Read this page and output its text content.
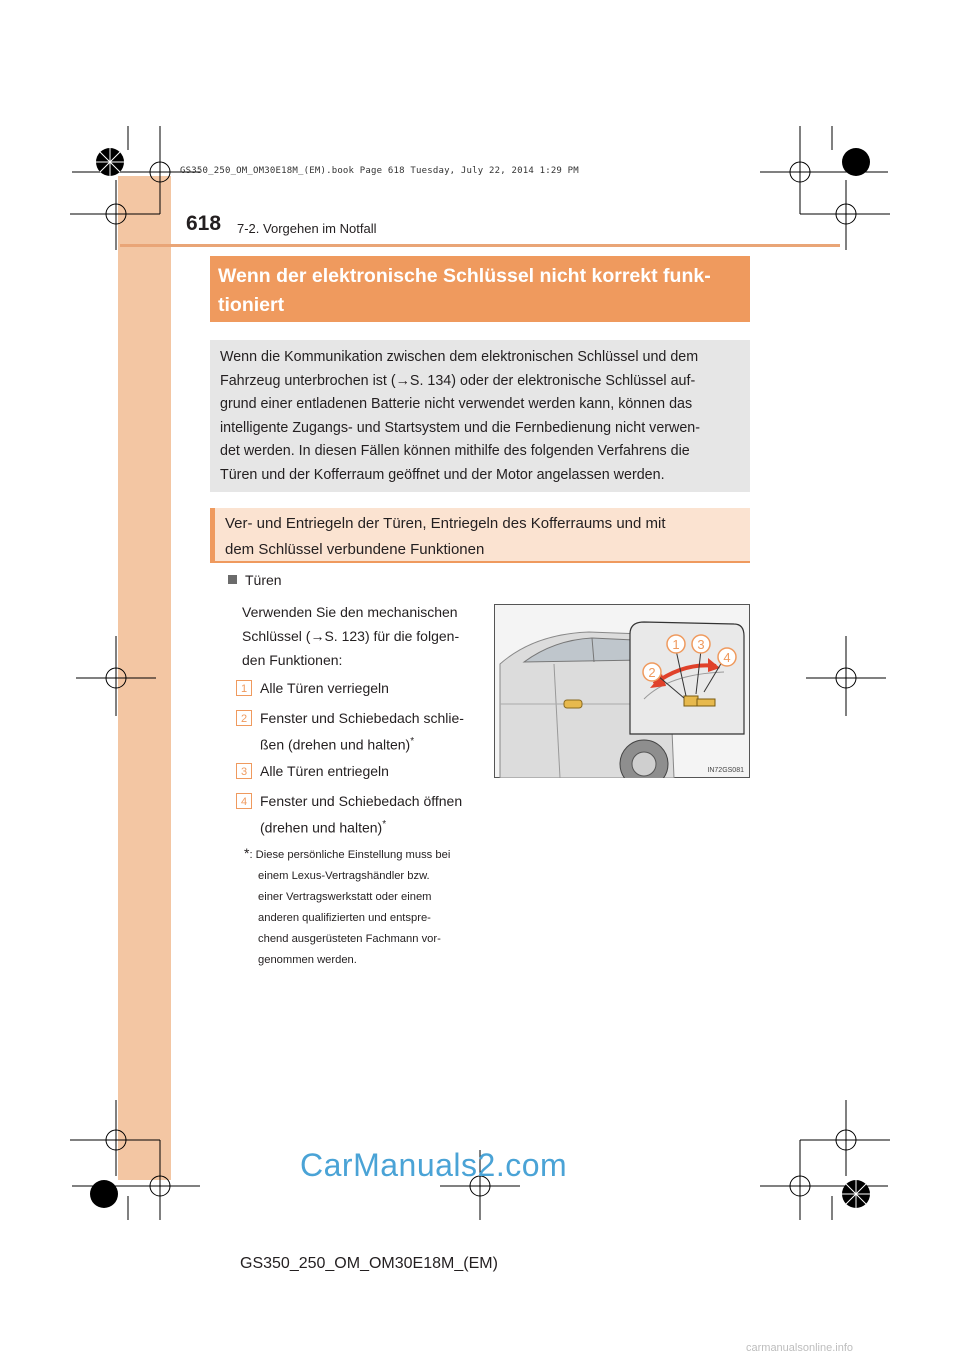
GS350_250_OM_OM30E18M_(EM).book Page 618 Tuesday, July 22, 2014 1:29 PM
618 7-2. Vorgehen im Notfall
Wenn der elektronische Schlüssel nicht korrekt funk-
tioniert
Wenn die Kommunikation zwischen dem elektronischen Schlüssel und dem
Fahrzeug unterbrochen ist (→S. 134) oder der elektronische Schlüssel auf-
grund einer entladenen Batterie nicht verwendet werden kann, können das
intelligente Zugangs- und Startsystem und die Fernbedienung nicht verwen-
det werden. In diesen Fällen können mithilfe des folgenden Verfahrens die
Türen und der Kofferraum geöffnet und der Motor angelassen werden.
Ver- und Entriegeln der Türen, Entriegeln des Kofferraums und mit
dem Schlüssel verbundene Funktionen
Türen
Verwenden Sie den mechanischen
Schlüssel (→S. 123) für die folgen-
den Funktionen:
1 Alle Türen verriegeln
2 Fenster und Schiebedach schlie-
ßen (drehen und halten)*
3 Alle Türen entriegeln
4 Fenster und Schiebedach öffnen
(drehen und halten)*
*: Diese persönliche Einstellung muss bei
einem Lexus-Vertragshändler bzw.
einer Vertragswerkstatt oder einem
anderen qualifizierten und entspre-
chend ausgerüsteten Fachmann vor-
genommen werden.
1
2
3
4
IN72GS081
CarManuals2.com
GS350_250_OM_OM30E18M_(EM)
carmanualsonline.info
